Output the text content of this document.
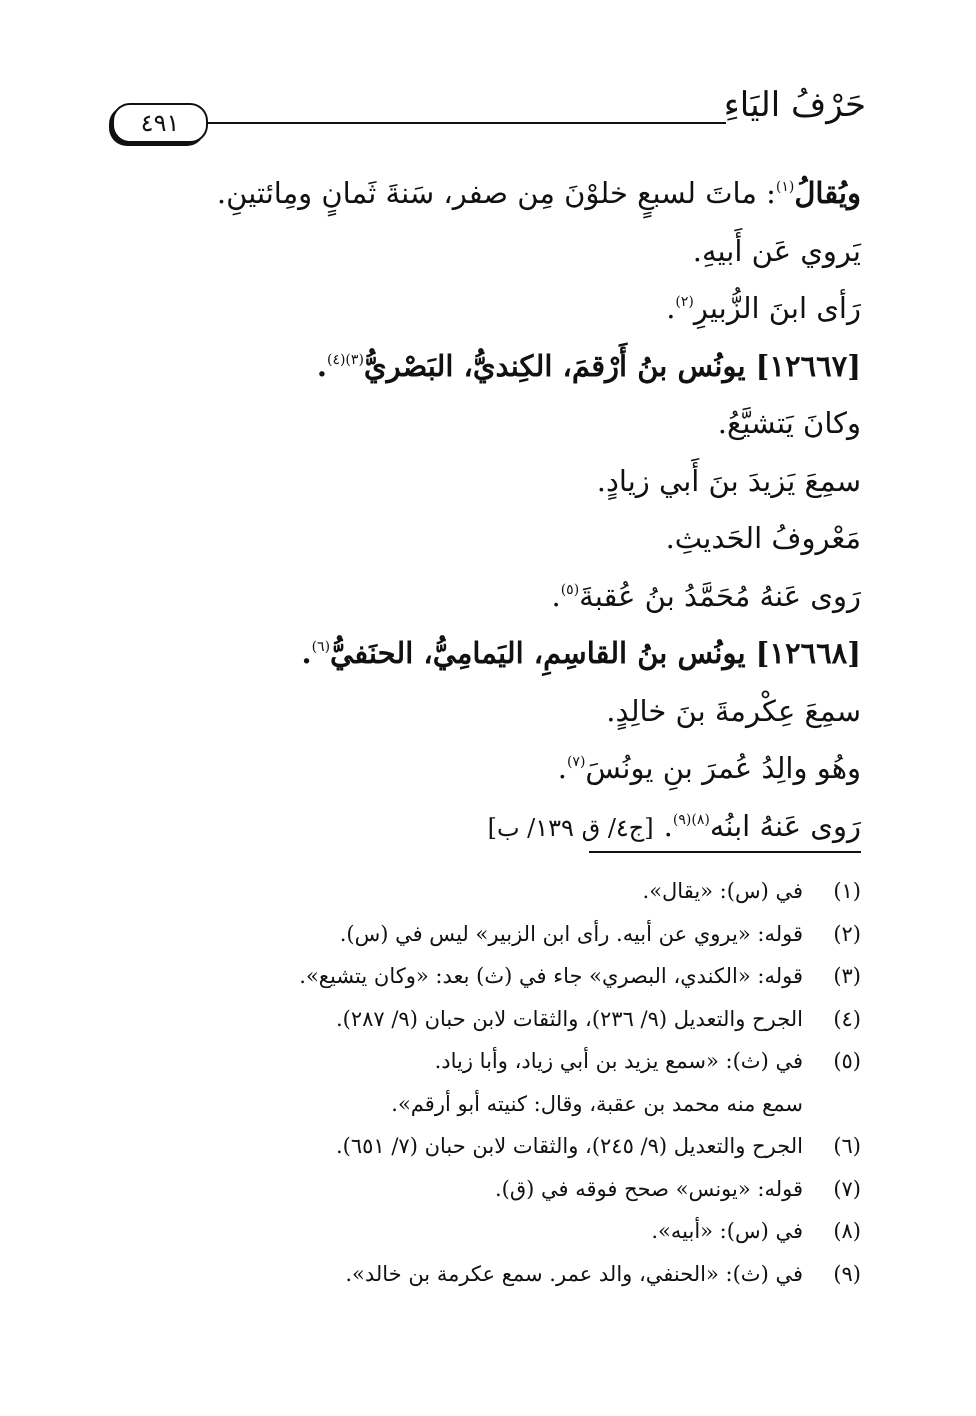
حَرْفُ اليَاءِ
٤٩١
ويُقالُ$^{(١)}$: ماتَ لسبعٍ خلوْنَ مِن صفر، سَنةَ ثَمانٍ ومِائتينِ.
يَروي عَن أَبيهِ.
رَأى ابنَ الزُّبيرِ$^{(٢)}$.
[١٢٦٦٧] يونُس بنُ أَرْقمَ، الكِنديُّ، البَصْريُّ$^{(٣)(٤)}$.
وكانَ يَتشيَّعُ.
سمِعَ يَزيدَ بنَ أَبي زيادٍ.
مَعْروفُ الحَديثِ.
رَوى عَنهُ مُحَمَّدُ بنُ عُقبةَ$^{(٥)}$.
[١٢٦٦٨] يونُس بنُ القاسِمِ، اليَمامِيُّ، الحنَفيُّ$^{(٦)}$.
سمِعَ عِكْرمةَ بنَ خالِدٍ.
وهُو والِدُ عُمرَ بنِ يونُسَ$^{(٧)}$.
رَوى عَنهُ ابنُه$^{(٨)(٩)}$.[ج٤/ ق ١٣٩/ ب]
(١)
في (س): «يقال».
(٢)
قوله: «يروي عن أبيه. رأى ابن الزبير» ليس في (س).
(٣)
قوله: «الكندي، البصري» جاء في (ث) بعد: «وكان يتشيع».
(٤)
الجرح والتعديل (٩/ ٢٣٦)، والثقات لابن حبان (٩/ ٢٨٧).
(٥)
في (ث): «سمع يزيد بن أبي زياد، وأبا زياد.
سمع منه محمد بن عقبة، وقال: كنيته أبو أرقم».
(٦)
الجرح والتعديل (٩/ ٢٤٥)، والثقات لابن حبان (٧/ ٦٥١).
(٧)
قوله: «يونس» صحح فوقه في (ق).
(٨)
في (س): «أبيه».
(٩)
في (ث): «الحنفي، والد عمر. سمع عكرمة بن خالد».
